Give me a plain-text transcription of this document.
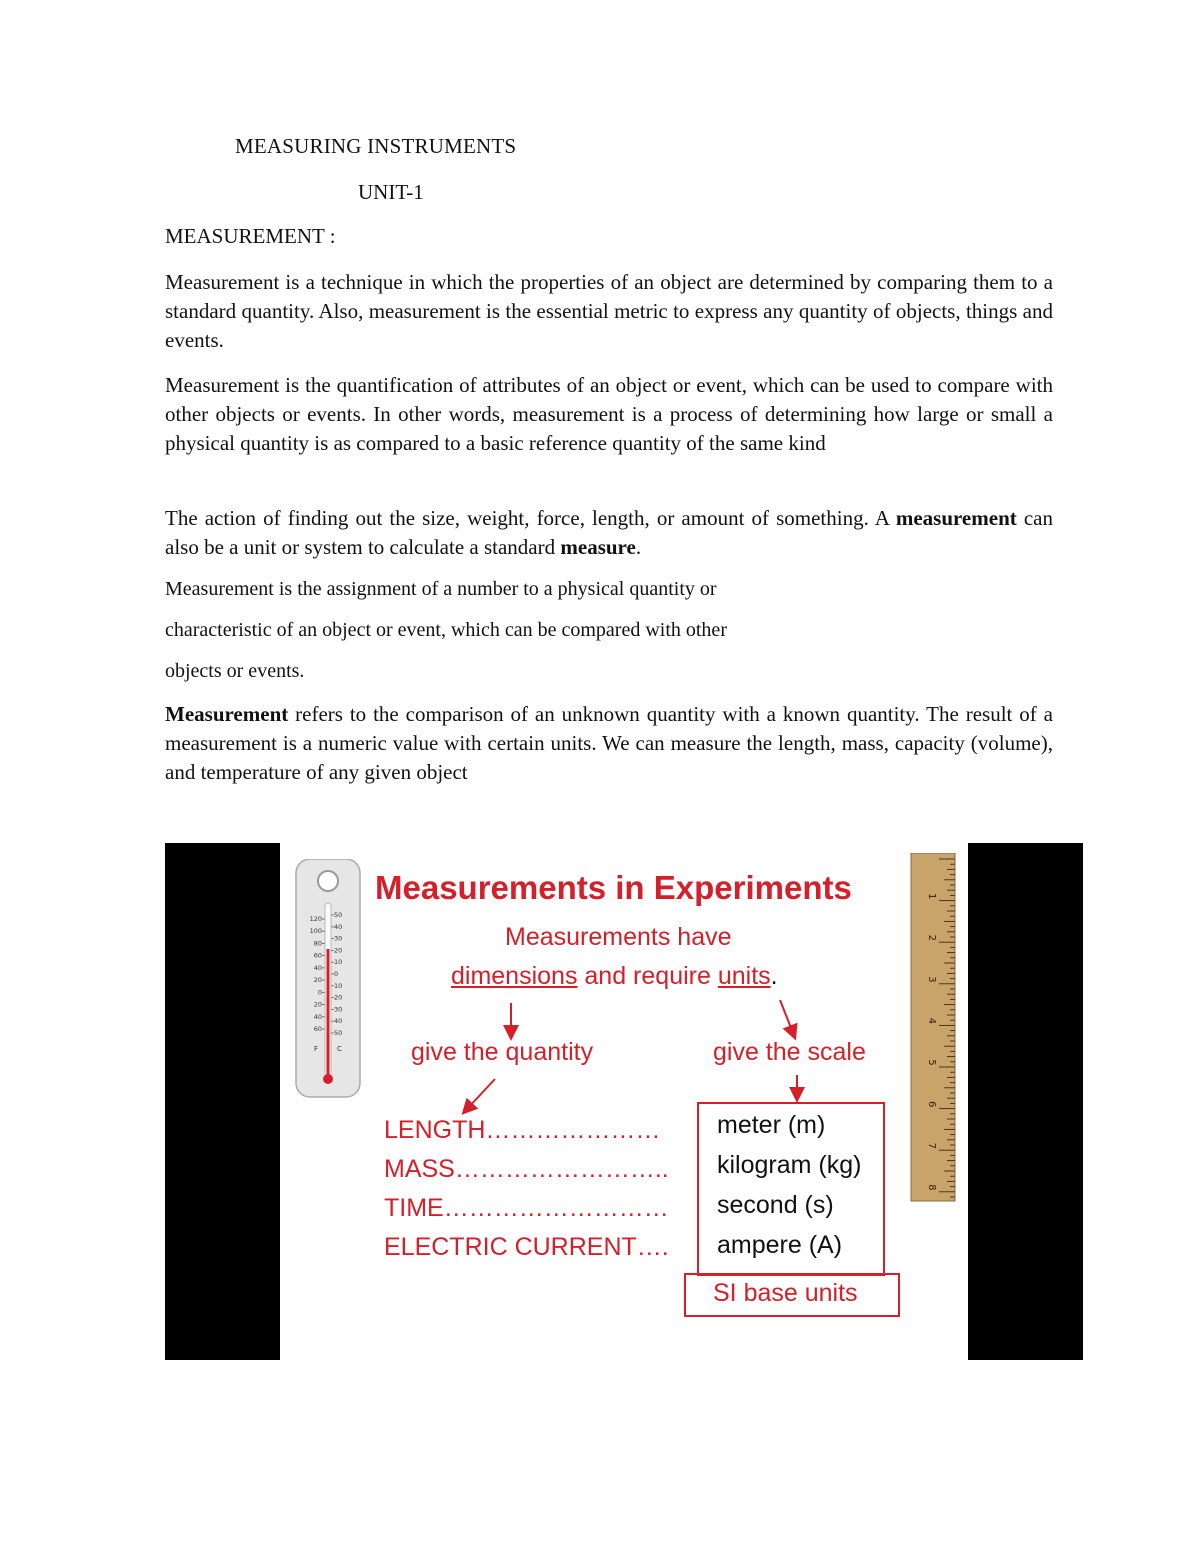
MEASURING INSTRUMENTS
UNIT-1
MEASUREMENT :

Measurement is a technique in which the properties of an object are determined by comparing them to a standard quantity. Also, measurement is the essential metric to express any quantity of objects, things and events.

Measurement is the quantification of attributes of an object or event, which can be used to compare with other objects or events. In other words, measurement is a process of determining how large or small a physical quantity is as compared to a basic reference quantity of the same kind

The action of finding out the size, weight, force, length, or amount of something. A measurement can also be a unit or system to calculate a standard measure.

Measurement is the assignment of a number to a physical quantity or

characteristic of an object or event, which can be compared with other

objects or events.

Measurement refers to the comparison of an unknown quantity with a known quantity. The result of a measurement is a numeric value with certain units. We can measure the length, mass, capacity (volume), and temperature of any given object

120
100
80
60
40
20
0
20
40
60
50
40
30
20
10
0
10
20
30
40
50
F	C
1
2
3
4
5
6
7
8
Measurements in Experiments
Measurements have
dimensions and require units.
give the quantity	give the scale
LENGTH…………………
MASS……………………..
TIME………………………
ELECTRIC CURRENT….
meter (m)
kilogram (kg)
second (s)
ampere (A)
SI base units
